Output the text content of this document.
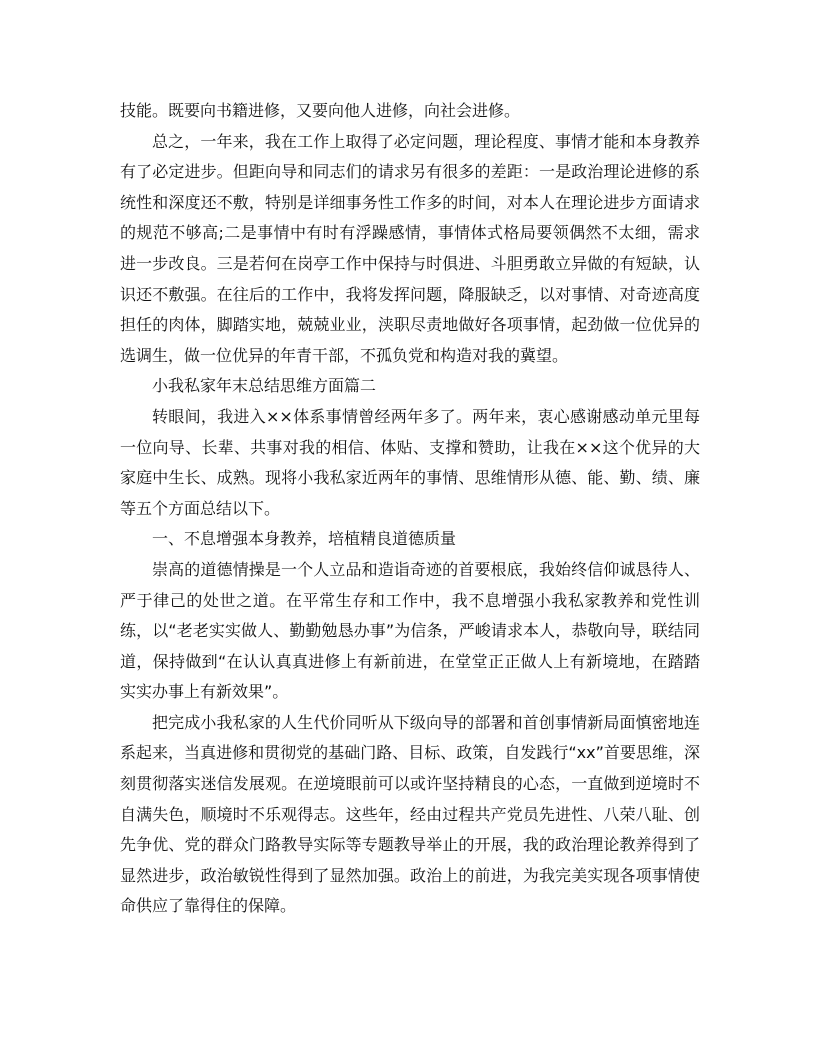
技能。既要向书籍进修，又要向他人进修，向社会进修。

总之，一年来，我在工作上取得了必定问题，理论程度、事情才能和本身教养有了必定进步。但距向导和同志们的请求另有很多的差距：一是政治理论进修的系统性和深度还不敷，特别是详细事务性工作多的时间，对本人在理论进步方面请求的规范不够高;二是事情中有时有浮躁感情，事情体式格局要领偶然不太细，需求进一步改良。三是若何在岗亭工作中保持与时俱进、斗胆勇敢立异做的有短缺，认识还不敷强。在往后的工作中，我将发挥问题，降服缺乏，以对事情、对奇迹高度担任的肉体，脚踏实地，兢兢业业，浃职尽责地做好各项事情，起劲做一位优异的选调生，做一位优异的年青干部，不孤负党和构造对我的冀望。

小我私家年末总结思维方面篇二

转眼间，我进入××体系事情曾经两年多了。两年来，衷心感谢感动单元里每一位向导、长辈、共事对我的相信、体贴、支撑和赞助，让我在××这个优异的大家庭中生长、成熟。现将小我私家近两年的事情、思维情形从德、能、勤、绩、廉等五个方面总结以下。

一、不息增强本身教养，培植精良道德质量

崇高的道德情操是一个人立品和造诣奇迹的首要根底，我始终信仰诚恳待人、严于律己的处世之道。在平常生存和工作中，我不息增强小我私家教养和党性训练，以“老老实实做人、勤勤勉恳办事”为信条，严峻请求本人，恭敬向导，联结同道，保持做到“在认认真真进修上有新前进，在堂堂正正做人上有新境地，在踏踏实实办事上有新效果”。

把完成小我私家的人生代价同听从下级向导的部署和首创事情新局面慎密地连系起来，当真进修和贯彻党的基础门路、目标、政策，自发践行“xx”首要思维，深刻贯彻落实迷信发展观。在逆境眼前可以或许坚持精良的心态，一直做到逆境时不自满失色，顺境时不乐观得志。这些年，经由过程共产党员先进性、八荣八耻、创先争优、党的群众门路教导实际等专题教导举止的开展，我的政治理论教养得到了显然进步，政治敏锐性得到了显然加强。政治上的前进，为我完美实现各项事情使命供应了靠得住的保障。
